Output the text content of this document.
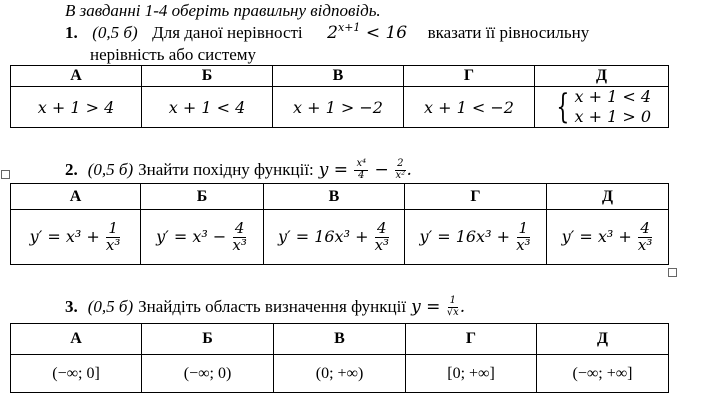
В завданні 1-4 оберіть правильну відповідь.
1. (0,5 б) Для даної нерівності $2^{x+1} < 16$ вказати її рівносильну
нерівність або систему
А	Б	В	Г	Д
x + 1 > 4	x + 1 < 4	x + 1 > −2	x + 1 < −2	{ x + 1 < 4
x + 1 > 0
2. (0,5 б) Знайти похідну функції: y =
$\frac{\text{x⁴}}{4}$
−
$\frac{2}{\text{x²}}$ .
А	Б	В	Г	Д
$y' = x^3 + \frac{1}{\text{x³}}$	$y' = x^3 - \frac{4}{\text{x³}}$	$y' = 16x^3 + \frac{4}{\text{x³}}$	$y' = 16x^3 + \frac{1}{\text{x³}}$	$y' = x^3 + \frac{4}{\text{x³}}$
3. (0,5 б) Знайдіть область визначення функції y =
$\frac{1}{√x}$ .
А	Б	В	Г	Д
(−∞; 0]	(−∞; 0)	(0; +∞)	[0; +∞]	(−∞; +∞]
